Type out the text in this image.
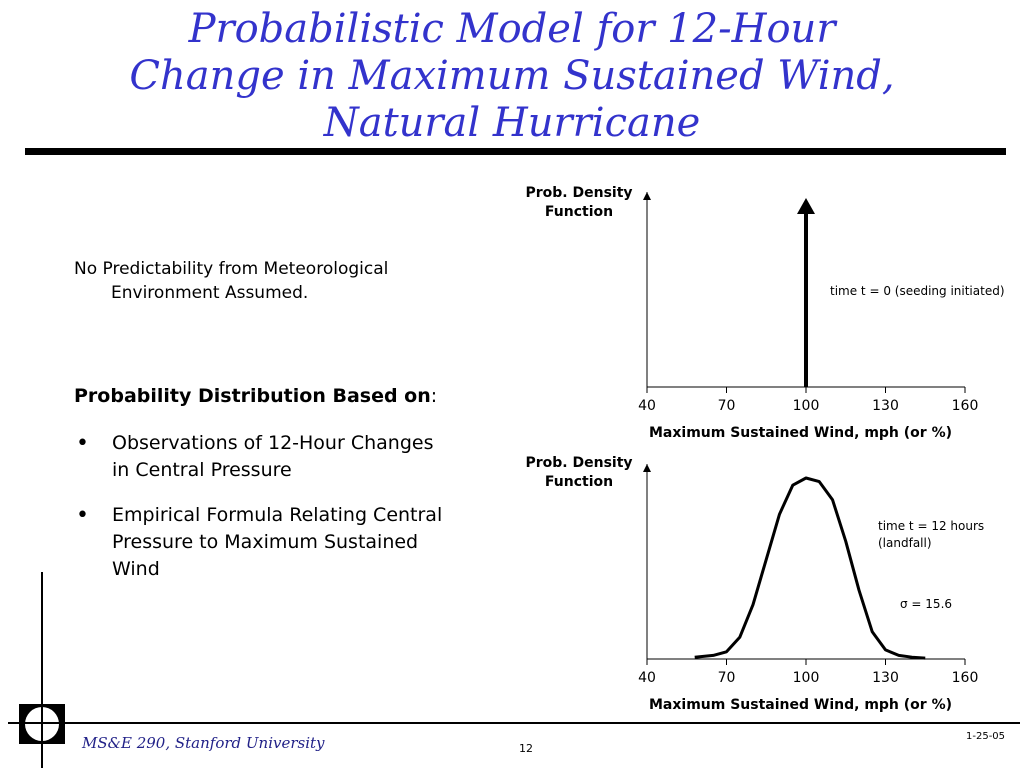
Probabilistic Model for 12-Hour
Change in Maximum Sustained Wind,
Natural Hurricane
No Predictability from Meteorological
Environment Assumed.
Probability Distribution Based on:
• Observations of 12-Hour Changes in Central Pressure
• Empirical Formula Relating Central Pressure to Maximum Sustained Wind
Prob. Density
Function
40	70	100	130	160
time t = 0 (seeding initiated)
Maximum Sustained Wind, mph (or %)
Prob. Density
Function
40	70	100	130	160
time t = 12 hours
(landfall)
σ = 15.6
Maximum Sustained Wind, mph (or %)
MS&E 290, Stanford University	12
1-25-05
